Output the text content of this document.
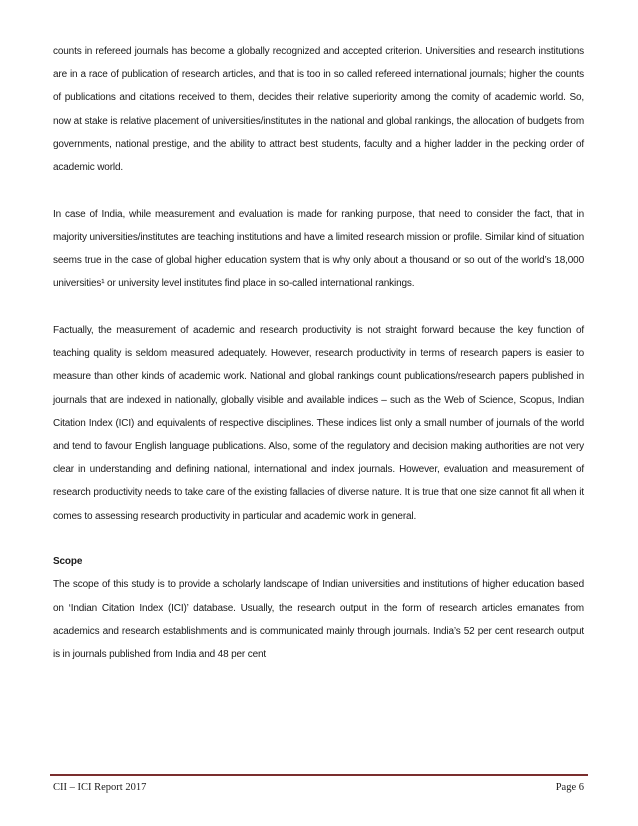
counts in refereed journals has become a globally recognized and accepted criterion. Universities and research institutions are in a race of publication of research articles, and that is too in so called refereed international journals; higher the counts of publications and citations received to them, decides their relative superiority among the comity of academic world. So, now at stake is relative placement of universities/institutes in the national and global rankings, the allocation of budgets from governments, national prestige, and the ability to attract best students, faculty and a higher ladder in the pecking order of academic world.

In case of India, while measurement and evaluation is made for ranking purpose, that need to consider the fact, that in majority universities/institutes are teaching institutions and have a limited research mission or profile. Similar kind of situation seems true in the case of global higher education system that is why only about a thousand or so out of the world’s 18,000 universities¹ or university level institutes find place in so-called international rankings.

Factually, the measurement of academic and research productivity is not straight forward because the key function of teaching quality is seldom measured adequately. However, research productivity in terms of research papers is easier to measure than other kinds of academic work. National and global rankings count publications/research papers published in journals that are indexed in nationally, globally visible and available indices – such as the Web of Science, Scopus, Indian Citation Index (ICI) and equivalents of respective disciplines. These indices list only a small number of journals of the world and tend to favour English language publications. Also, some of the regulatory and decision making authorities are not very clear in understanding and defining national, international and index journals. However, evaluation and measurement of research productivity needs to take care of the existing fallacies of diverse nature. It is true that one size cannot fit all when it comes to assessing research productivity in particular and academic work in general.

Scope

The scope of this study is to provide a scholarly landscape of Indian universities and institutions of higher education based on ‘Indian Citation Index (ICI)’ database. Usually, the research output in the form of research articles emanates from academics and research establishments and is communicated mainly through journals. India’s 52 per cent research output is in journals published from India and 48 per cent

CII – ICI Report 2017	Page 6
